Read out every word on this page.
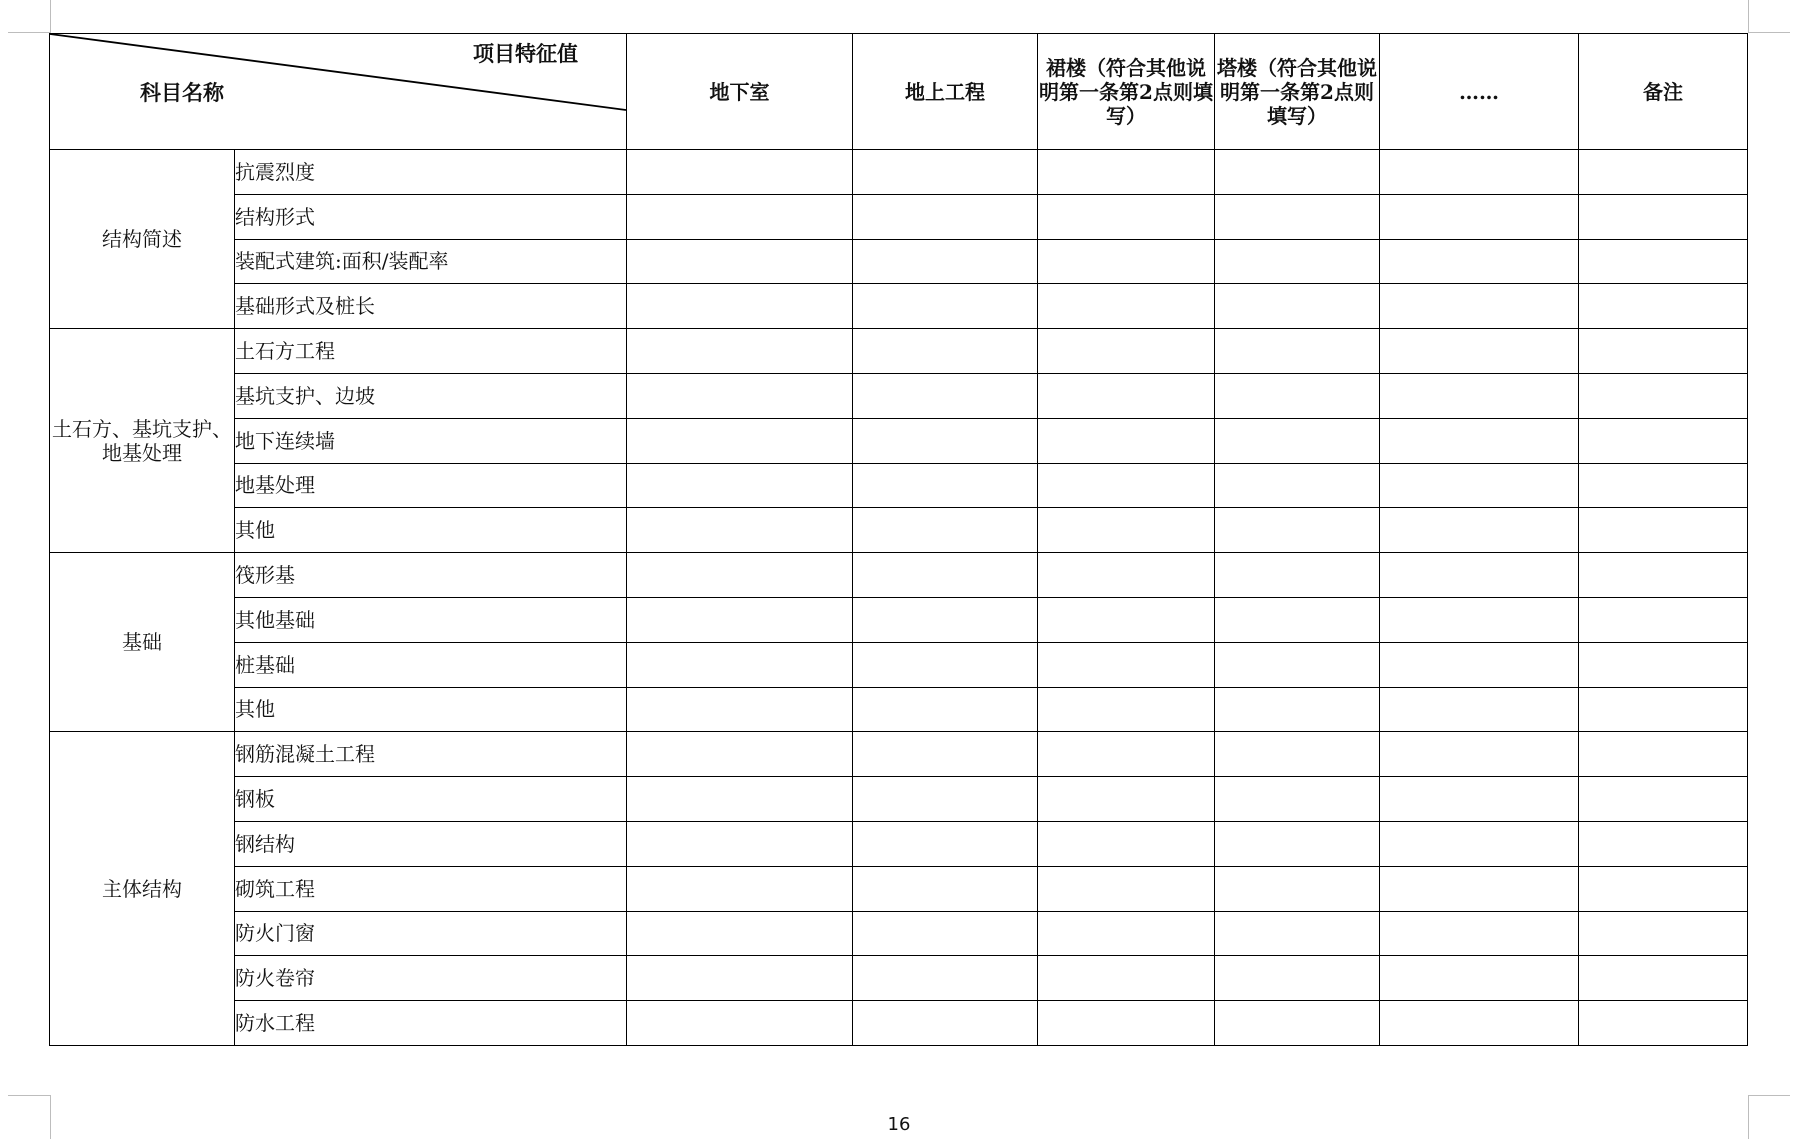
项目特征值
科目名称		地下室	地上工程	裙楼（符合其他说明第一条第2点则填写）	塔楼（符合其他说明第一条第2点则填写）	……	备注
结构简述	抗震烈度						
	结构形式						
	装配式建筑:面积/装配率						
	基础形式及桩长						
土石方、基坑支护、地基处理	土石方工程						
	基坑支护、边坡						
	地下连续墙						
	地基处理						
	其他						
基础	筏形基						
	其他基础						
	桩基础						
	其他						
主体结构	钢筋混凝土工程						
	钢板						
	钢结构						
	砌筑工程						
	防火门窗						
	防火卷帘						
	防水工程						
16
